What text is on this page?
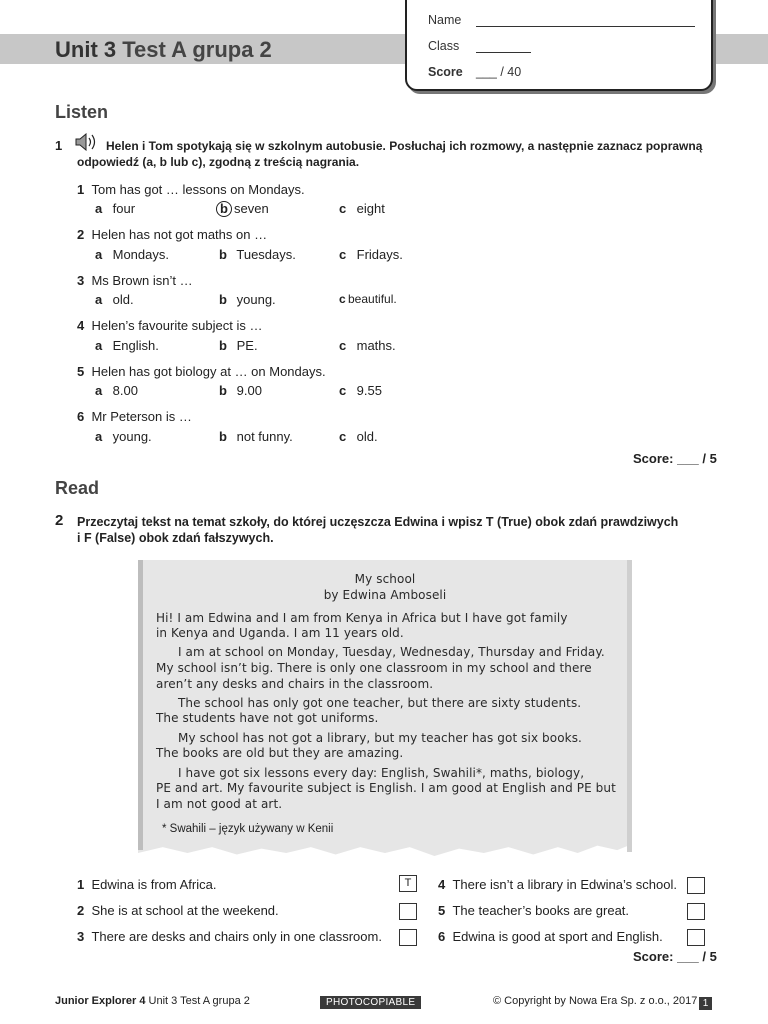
Unit 3 Test A grupa 2
Name
Class
Score ___ / 40
Listen
1	Helen i Tom spotykają się w szkolnym autobusie. Posłuchaj ich rozmowy, a następnie zaznacz poprawną
odpowiedź (a, b lub c), zgodną z treścią nagrania.
1 Tom has got … lessons on Mondays.
a four	b seven	c eight
2 Helen has not got maths on …
a Mondays.	b Tuesdays.	c Fridays.
3 Ms Brown isn’t …
a old.	b young.	c beautiful.
4 Helen’s favourite subject is …
a English.	b PE.	c maths.
5 Helen has got biology at … on Mondays.
a 8.00	b 9.00	c 9.55
6 Mr Peterson is …
a young.	b not funny.	c old.
Score: ___ / 5
Read
2 Przeczytaj tekst na temat szkoły, do której uczęszcza Edwina i wpisz T (True) obok zdań prawdziwych
i F (False) obok zdań fałszywych.
My school
by Edwina Amboseli
Hi! I am Edwina and I am from Kenya in Africa but I have got family
in Kenya and Uganda. I am 11 years old.
I am at school on Monday, Tuesday, Wednesday, Thursday and Friday.
My school isn’t big. There is only one classroom in my school and there
aren’t any desks and chairs in the classroom.
The school has only got one teacher, but there are sixty students.
The students have not got uniforms.
My school has not got a library, but my teacher has got six books.
The books are old but they are amazing.
I have got six lessons every day: English, Swahili*, maths, biology,
PE and art. My favourite subject is English. I am good at English and PE but
I am not good at art.
* Swahili – język używany w Kenii
1 Edwina is from Africa.	T
2 She is at school at the weekend.
3 There are desks and chairs only in one classroom.
4 There isn’t a library in Edwina’s school.
5 The teacher’s books are great.
6 Edwina is good at sport and English.
Score: ___ / 5
Junior Explorer 4 Unit 3 Test A grupa 2	PHOTOCOPIABLE	© Copyright by Nowa Era Sp. z o.o., 2017 1
